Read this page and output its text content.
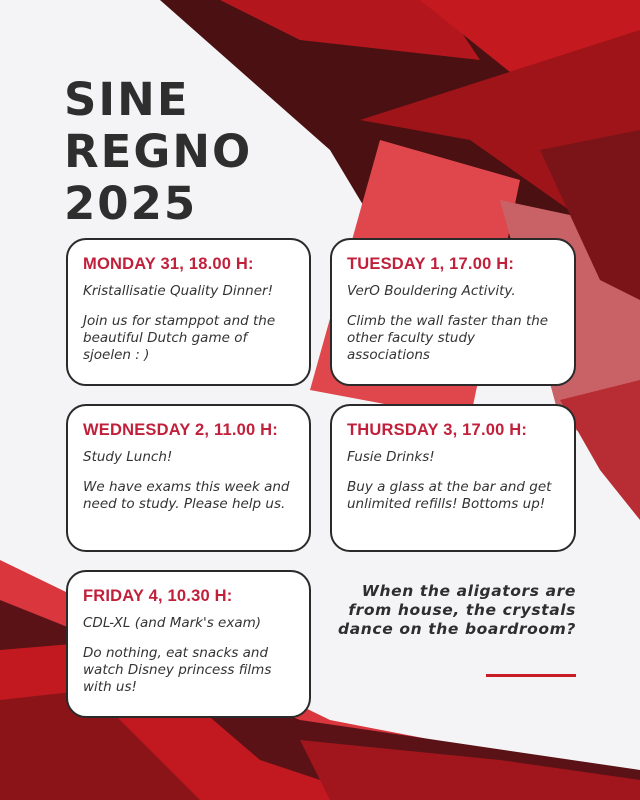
SINE
REGNO
2025
MONDAY 31, 18.00 H:

Kristallisatie Quality Dinner!

Join us for stamppot and the beautiful Dutch game of sjoelen : )

TUESDAY 1, 17.00 H:

VerO Bouldering Activity.

Climb the wall faster than the other faculty study associations

WEDNESDAY 2, 11.00 H:

Study Lunch!

We have exams this week and need to study. Please help us.

THURSDAY 3, 17.00 H:

Fusie Drinks!

Buy a glass at the bar and get unlimited refills! Bottoms up!

FRIDAY 4, 10.30 H:

CDL-XL (and Mark's exam)

Do nothing, eat snacks and watch Disney princess films with us!

When the aligators are from house, the crystals dance on the boardroom?
